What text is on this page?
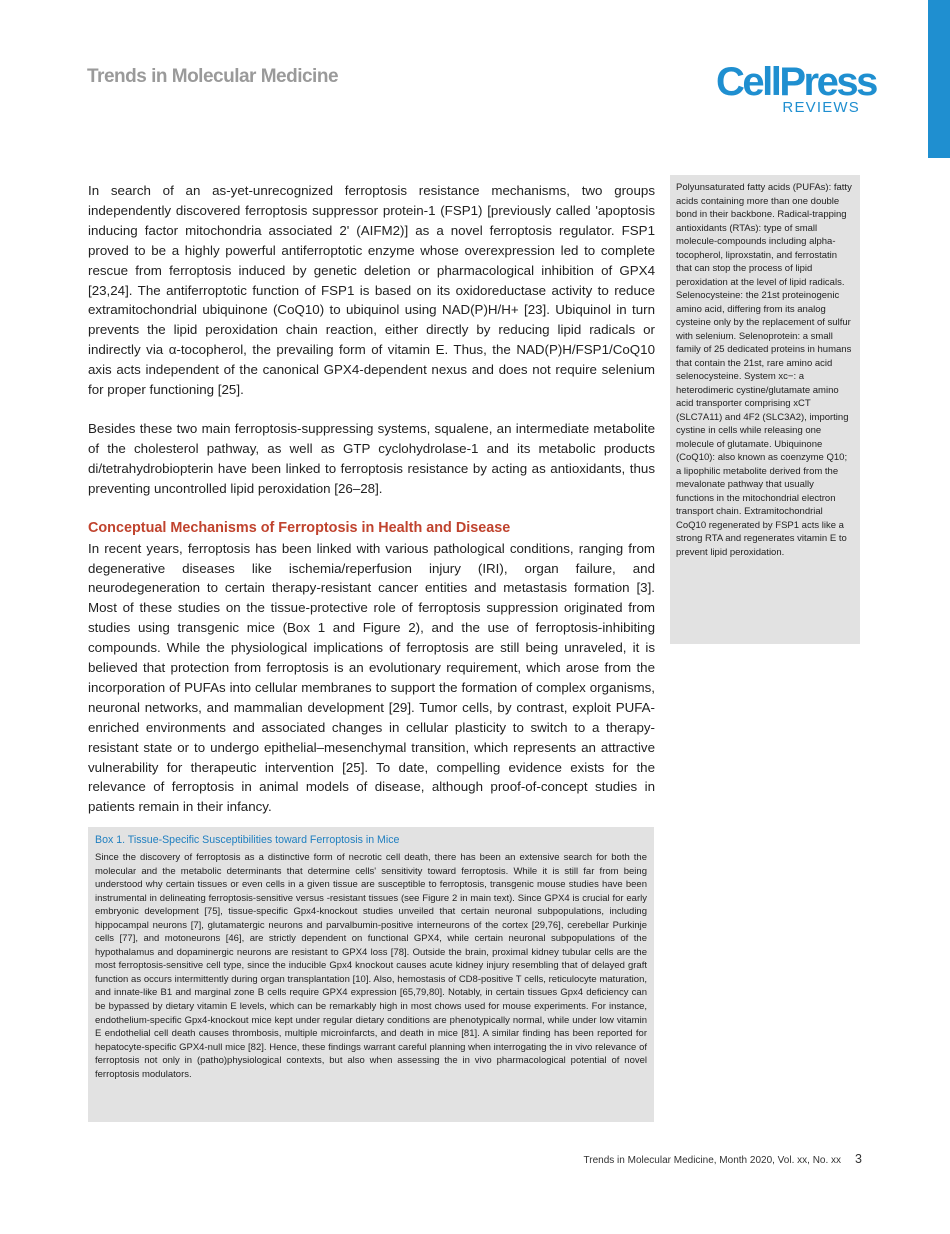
Trends in Molecular Medicine	CellPress
REVIEWS

In search of an as-yet-unrecognized ferroptosis resistance mechanisms, two groups independently discovered ferroptosis suppressor protein-1 (FSP1) [previously called 'apoptosis inducing factor mitochondria associated 2' (AIFM2)] as a novel ferroptosis regulator. FSP1 proved to be a highly powerful antiferroptotic enzyme whose overexpression led to complete rescue from ferroptosis induced by genetic deletion or pharmacological inhibition of GPX4 [23,24]. The antiferroptotic function of FSP1 is based on its oxidoreductase activity to reduce extramitochondrial ubiquinone (CoQ10) to ubiquinol using NAD(P)H/H+ [23]. Ubiquinol in turn prevents the lipid peroxidation chain reaction, either directly by reducing lipid radicals or indirectly via α-tocopherol, the prevailing form of vitamin E. Thus, the NAD(P)H/FSP1/CoQ10 axis acts independent of the canonical GPX4-dependent nexus and does not require selenium for proper functioning [25].

Besides these two main ferroptosis-suppressing systems, squalene, an intermediate metabolite of the cholesterol pathway, as well as GTP cyclohydrolase-1 and its metabolic products di/tetrahydrobiopterin have been linked to ferroptosis resistance by acting as antioxidants, thus preventing uncontrolled lipid peroxidation [26–28].

Conceptual Mechanisms of Ferroptosis in Health and Disease

In recent years, ferroptosis has been linked with various pathological conditions, ranging from degenerative diseases like ischemia/reperfusion injury (IRI), organ failure, and neurodegeneration to certain therapy-resistant cancer entities and metastasis formation [3]. Most of these studies on the tissue-protective role of ferroptosis suppression originated from studies using transgenic mice (Box 1 and Figure 2), and the use of ferroptosis-inhibiting compounds. While the physiological implications of ferroptosis are still being unraveled, it is believed that protection from ferroptosis is an evolutionary requirement, which arose from the incorporation of PUFAs into cellular membranes to support the formation of complex organisms, neuronal networks, and mammalian development [29]. Tumor cells, by contrast, exploit PUFA-enriched environments and associated changes in cellular plasticity to switch to a therapy-resistant state or to undergo epithelial–mesenchymal transition, which represents an attractive vulnerability for therapeutic intervention [25]. To date, compelling evidence exists for the relevance of ferroptosis in animal models of disease, although proof-of-concept studies in patients remain in their infancy.

Polyunsaturated fatty acids (PUFAs): fatty acids containing more than one double bond in their backbone. Radical-trapping antioxidants (RTAs): type of small molecule-compounds including alpha-tocopherol, liproxstatin, and ferrostatin that can stop the process of lipid peroxidation at the level of lipid radicals. Selenocysteine: the 21st proteinogenic amino acid, differing from its analog cysteine only by the replacement of sulfur with selenium. Selenoprotein: a small family of 25 dedicated proteins in humans that contain the 21st, rare amino acid selenocysteine. System xc−: a heterodimeric cystine/glutamate amino acid transporter comprising xCT (SLC7A11) and 4F2 (SLC3A2), importing cystine in cells while releasing one molecule of glutamate. Ubiquinone (CoQ10): also known as coenzyme Q10; a lipophilic metabolite derived from the mevalonate pathway that usually functions in the mitochondrial electron transport chain. Extramitochondrial CoQ10 regenerated by FSP1 acts like a strong RTA and regenerates vitamin E to prevent lipid peroxidation.
Box 1. Tissue-Specific Susceptibilities toward Ferroptosis in Mice
Since the discovery of ferroptosis as a distinctive form of necrotic cell death, there has been an extensive search for both the molecular and the metabolic determinants that determine cells' sensitivity toward ferroptosis. While it is still far from being understood why certain tissues or even cells in a given tissue are susceptible to ferroptosis, transgenic mouse studies have been instrumental in delineating ferroptosis-sensitive versus -resistant tissues (see Figure 2 in main text). Since GPX4 is crucial for early embryonic development [75], tissue-specific Gpx4-knockout studies unveiled that certain neuronal subpopulations, including hippocampal neurons [7], glutamatergic neurons and parvalbumin-positive interneurons of the cortex [29,76], cerebellar Purkinje cells [77], and motoneurons [46], are strictly dependent on functional GPX4, while certain neuronal subpopulations of the hypothalamus and dopaminergic neurons are resistant to GPX4 loss [78]. Outside the brain, proximal kidney tubular cells are the most ferroptosis-sensitive cell type, since the inducible Gpx4 knockout causes acute kidney injury resembling that of delayed graft function as occurs intermittently during organ transplantation [10]. Also, hemostasis of CD8-positive T cells, reticulocyte maturation, and innate-like B1 and marginal zone B cells require GPX4 expression [65,79,80]. Notably, in certain tissues Gpx4 deficiency can be bypassed by dietary vitamin E levels, which can be remarkably high in most chows used for mouse experiments. For instance, endothelium-specific Gpx4-knockout mice kept under regular dietary conditions are phenotypically normal, while under low vitamin E endothelial cell death causes thrombosis, multiple microinfarcts, and death in mice [81]. A similar finding has been reported for hepatocyte-specific GPX4-null mice [82]. Hence, these findings warrant careful planning when interrogating the in vivo relevance of ferroptosis not only in (patho)physiological contexts, but also when assessing the in vivo pharmacological potential of novel ferroptosis modulators.
Trends in Molecular Medicine, Month 2020, Vol. xx, No. xx 3
